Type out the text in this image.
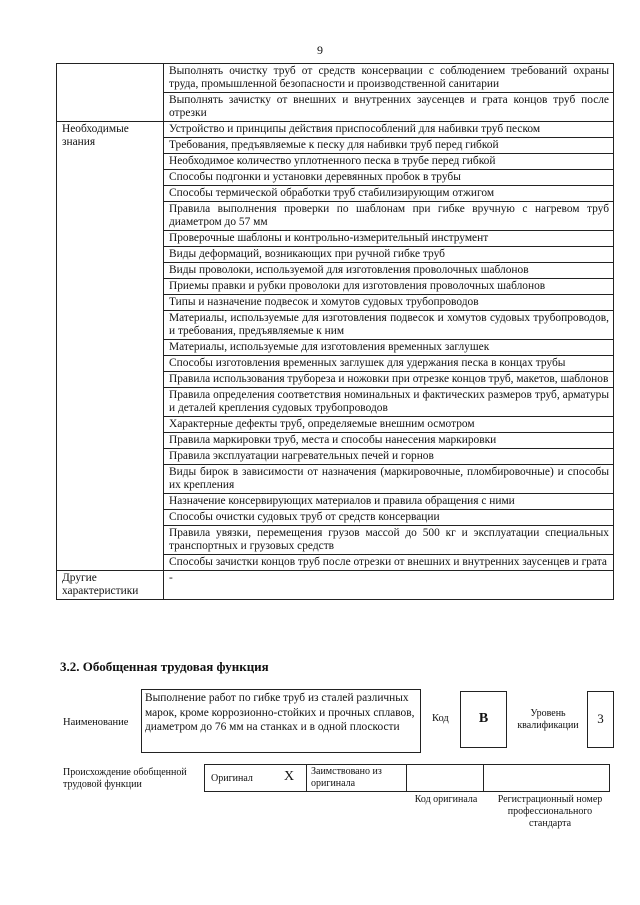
9
	Выполнять очистку труб от средств консервации с соблюдением требований охраны труда, промышленной безопасности и производственной санитарии
	Выполнять зачистку от внешних и внутренних заусенцев и грата концов труб после отрезки
Необходимые знания	Устройство и принципы действия приспособлений для набивки труб песком
	Требования, предъявляемые к песку для набивки труб перед гибкой
	Необходимое количество уплотненного песка в трубе перед гибкой
	Способы подгонки и установки деревянных пробок в трубы
	Способы термической обработки труб стабилизирующим отжигом
	Правила выполнения проверки по шаблонам при гибке вручную с нагревом труб диаметром до 57 мм
	Проверочные шаблоны и контрольно-измерительный инструмент
	Виды деформаций, возникающих при ручной гибке труб
	Виды проволоки, используемой для изготовления проволочных шаблонов
	Приемы правки и рубки проволоки для изготовления проволочных шаблонов
	Типы и назначение подвесок и хомутов судовых трубопроводов
	Материалы, используемые для изготовления подвесок и хомутов судовых трубопроводов, и требования, предъявляемые к ним
	Материалы, используемые для изготовления временных заглушек
	Способы изготовления временных заглушек для удержания песка в концах трубы
	Правила использования трубореза и ножовки при отрезке концов труб, макетов, шаблонов
	Правила определения соответствия номинальных и фактических размеров труб, арматуры и деталей крепления судовых трубопроводов
	Характерные дефекты труб, определяемые внешним осмотром
	Правила маркировки труб, места и способы нанесения маркировки
	Правила эксплуатации нагревательных печей и горнов
	Виды бирок в зависимости от назначения (маркировочные, пломбировочные) и способы их крепления
	Назначение консервирующих материалов и правила обращения с ними
	Способы очистки судовых труб от средств консервации
	Правила увязки, перемещения грузов массой до 500 кг и эксплуатации специальных транспортных и грузовых средств
	Способы зачистки концов труб после отрезки от внешних и внутренних заусенцев и грата
Другие характеристики	-
3.2. Обобщенная трудовая функция
Наименование
Выполнение работ по гибке труб из сталей различных марок, кроме коррозионно-стойких и прочных сплавов, диаметром до 76 мм на станках и в одной плоскости
Код	B	Уровень квалификации	3
Происхождение обобщенной трудовой функции
Оригинал X Заимствовано из оригинала
Код оригинала	Регистрационный номер профессионального стандарта
